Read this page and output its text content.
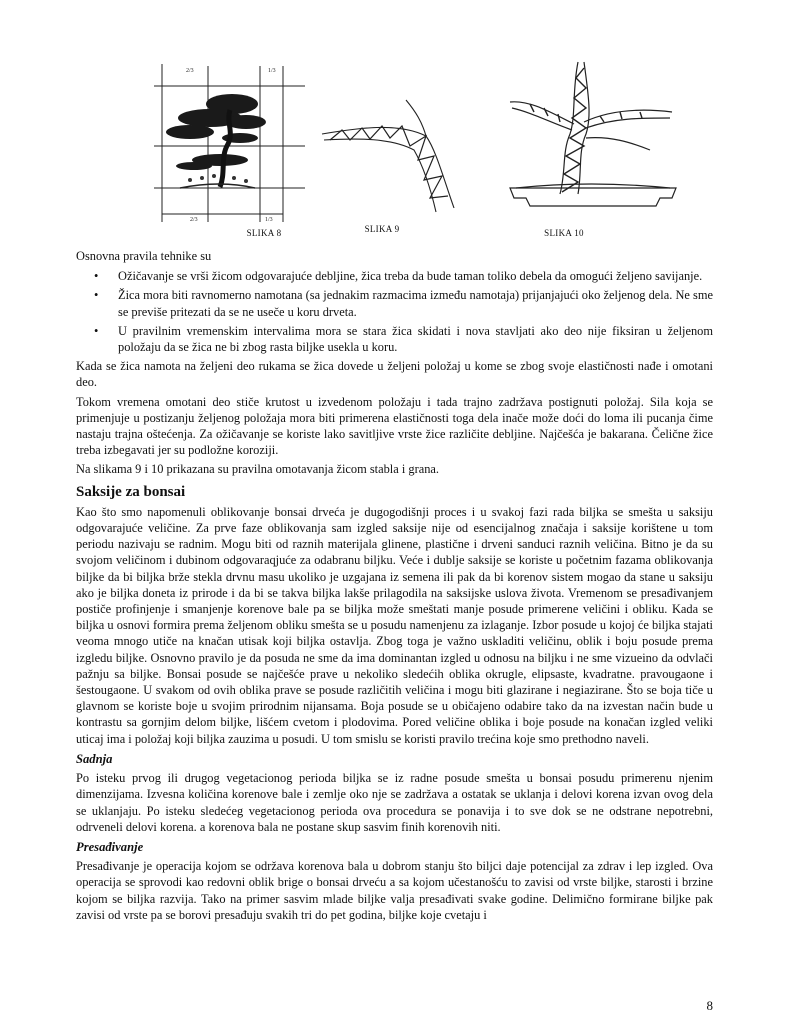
2/3	1/3
2/3	1/3
SLIKA 8	SLIKA 9	SLIKA 10

Osnovna pravila tehnike su

• Ožičavanje se vrši žicom odgovarajuće debljine, žica treba da bude taman toliko debela da omogući željeno savijanje.
• Žica mora biti ravnomerno namotana (sa jednakim razmacima između namotaja) prijanjajući oko željenog dela. Ne sme se previše pritezati da se ne useče u koru drveta.
• U pravilnim vremenskim intervalima mora se stara žica skidati i nova stavljati ako deo nije fiksiran u željenom položaju da se žica ne bi zbog rasta biljke usekla u koru.

Kada se žica namota na željeni deo rukama se žica dovede u željeni položaj u kome se zbog svoje elastičnosti nađe i omotani deo.

Tokom vremena omotani deo stiče krutost u izvedenom položaju i tada trajno zadržava postignuti položaj. Sila koja se primenjuje u postizanju željenog položaja mora biti primerena elastičnosti toga dela inače može doći do loma ili pucanja čime nastaju trajna oštećenja. Za ožičavanje se koriste lako savitljive vrste žice različite debljine. Najčešća je bakarana. Čelične žice treba izbegavati jer su podložne koroziji.

Na slikama 9 i 10 prikazana su pravilna omotavanja žicom stabla i grana.

Saksije za bonsai

Kao što smo napomenuli oblikovanje bonsai drveća je dugogodišnji proces i u svakoj fazi rada biljka se smešta u saksiju odgovarajuće veličine. Za prve faze oblikovanja sam izgled saksije nije od esencijalnog značaja i saksije korištene u tom periodu nazivaju se radnim. Mogu biti od raznih materijala glinene, plastične i drveni sanduci raznih veličina. Bitno je da su svojom veličinom i dubinom odgovaraqjuće za odabranu biljku. Veće i dublje saksije se koriste u početnim fazama oblikovanja biljke da bi biljka brže stekla drvnu masu ukoliko je uzgajana iz semena ili pak da bi korenov sistem mogao da stane u saksiju ako je biljka doneta iz prirode i da bi se takva biljka lakše prilagodila na saksijske uslova života. Vremenom se presađivanjem postiče profinjenje i smanjenje korenove bale pa se biljka može smeštati manje posude primerene veličini i obliku. Kada se biljka u osnovi formira prema željenom obliku smešta se u posudu namenjenu za izlaganje. Izbor posude u kojoj će biljka stajati veoma mnogo utiče na knačan utisak koji biljka ostavlja. Zbog toga je važno uskladiti veličinu, oblik i boju posude prema izgledu biljke. Osnovno pravilo je da posuda ne sme da ima dominantan izgled u odnosu na biljku i ne sme vizueino da odvlači pažnju sa biljke. Bonsai posude se najčešće prave u nekoliko sledećih oblika okrugle, elipsaste, kvadratne. pravougaone i šestougaone. U svakom od ovih oblika prave se posude različitih veličina i mogu biti glazirane i negiazirane. Što se boja tiče u glavnom se koriste boje u svojim prirodnim nijansama. Boja posude se u običajeno odabire tako da na izvestan način bude u kontrastu sa gornjim delom biljke, lišćem cvetom i plodovima. Pored veličine oblika i boje posude na konačan izgled veliki uticaj ima i položaj koji biljka zauzima u posudi. U tom smislu se koristi pravilo trećina koje smo prethodno naveli.

Sadnja

Po isteku prvog ili drugog vegetacionog perioda biljka se iz radne posude smešta u bonsai posudu primerenu njenim dimenzijama. Izvesna količina korenove bale i zemlje oko nje se zadržava a ostatak se uklanja i delovi korena izvan ovog dela se uklanjaju. Po isteku sledećeg vegetacionog perioda ova procedura se ponavija i to sve dok se ne odstrane nepotrebni, odrveneli delovi korena. a korenova bala ne postane skup sasvim finih korenovih niti.

Presađivanje

Presađivanje je operacija kojom se održava korenova bala u dobrom stanju što biljci daje potencijal za zdrav i lep izgled. Ova operacija se sprovodi kao redovni oblik brige o bonsai drveću a sa kojom učestanošću to zavisi od vrste biljke, starosti i brzine kojom se biljka razvija. Tako na primer sasvim mlade biljke valja presađivati svake godine. Delimično formirane biljke pak zavisi od vrste pa se borovi presađuju svakih tri do pet godina, biljke koje cvetaju i

8
